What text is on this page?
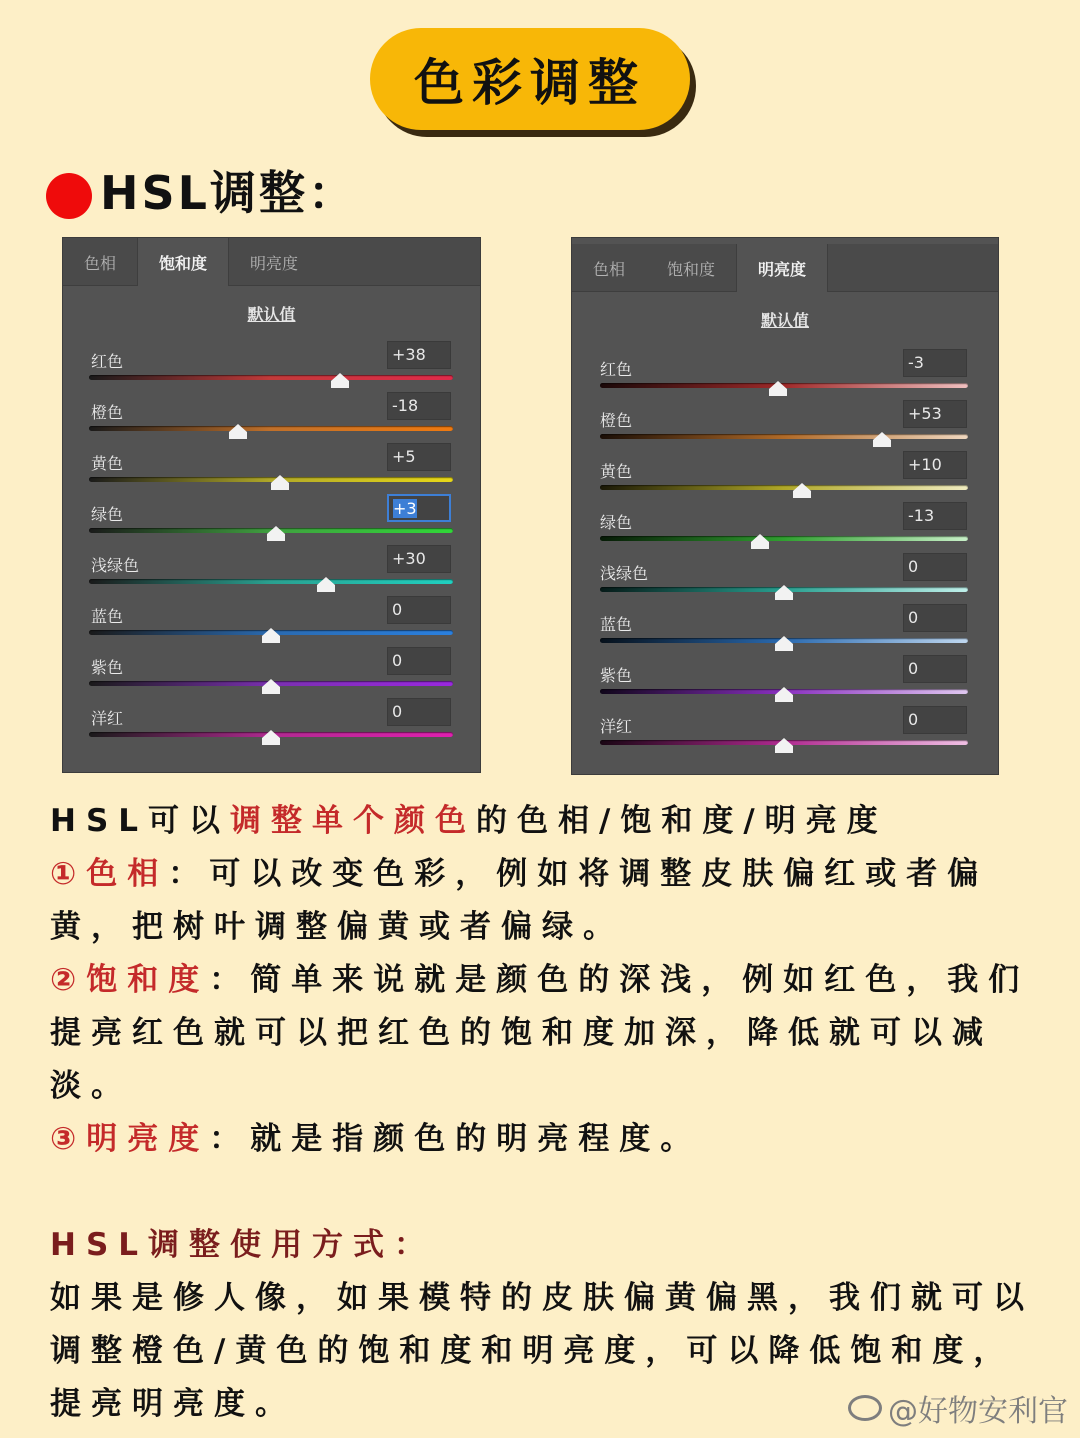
色彩调整
HSL调整：
色相	饱和度	明亮度
默认值
红色	+38
橙色	-18
黄色	+5
绿色	+3
浅绿色	+30
蓝色	0
紫色	0
洋红	0
色相	饱和度	明亮度
默认值
红色	-3
橙色	+53
黄色	+10
绿色	-13
浅绿色	0
蓝色	0
紫色	0
洋红	0
HSL可以调整单个颜色的色相/饱和度/明亮度
①色相：可以改变色彩，例如将调整皮肤偏红或者偏黄，把树叶调整偏黄或者偏绿。
②饱和度：简单来说就是颜色的深浅，例如红色，我们提亮红色就可以把红色的饱和度加深，降低就可以减淡。
③明亮度：就是指颜色的明亮程度。
HSL调整使用方式：
如果是修人像，如果模特的皮肤偏黄偏黑，我们就可以调整橙色/黄色的饱和度和明亮度，可以降低饱和度，提亮明亮度。	@好物安利官
